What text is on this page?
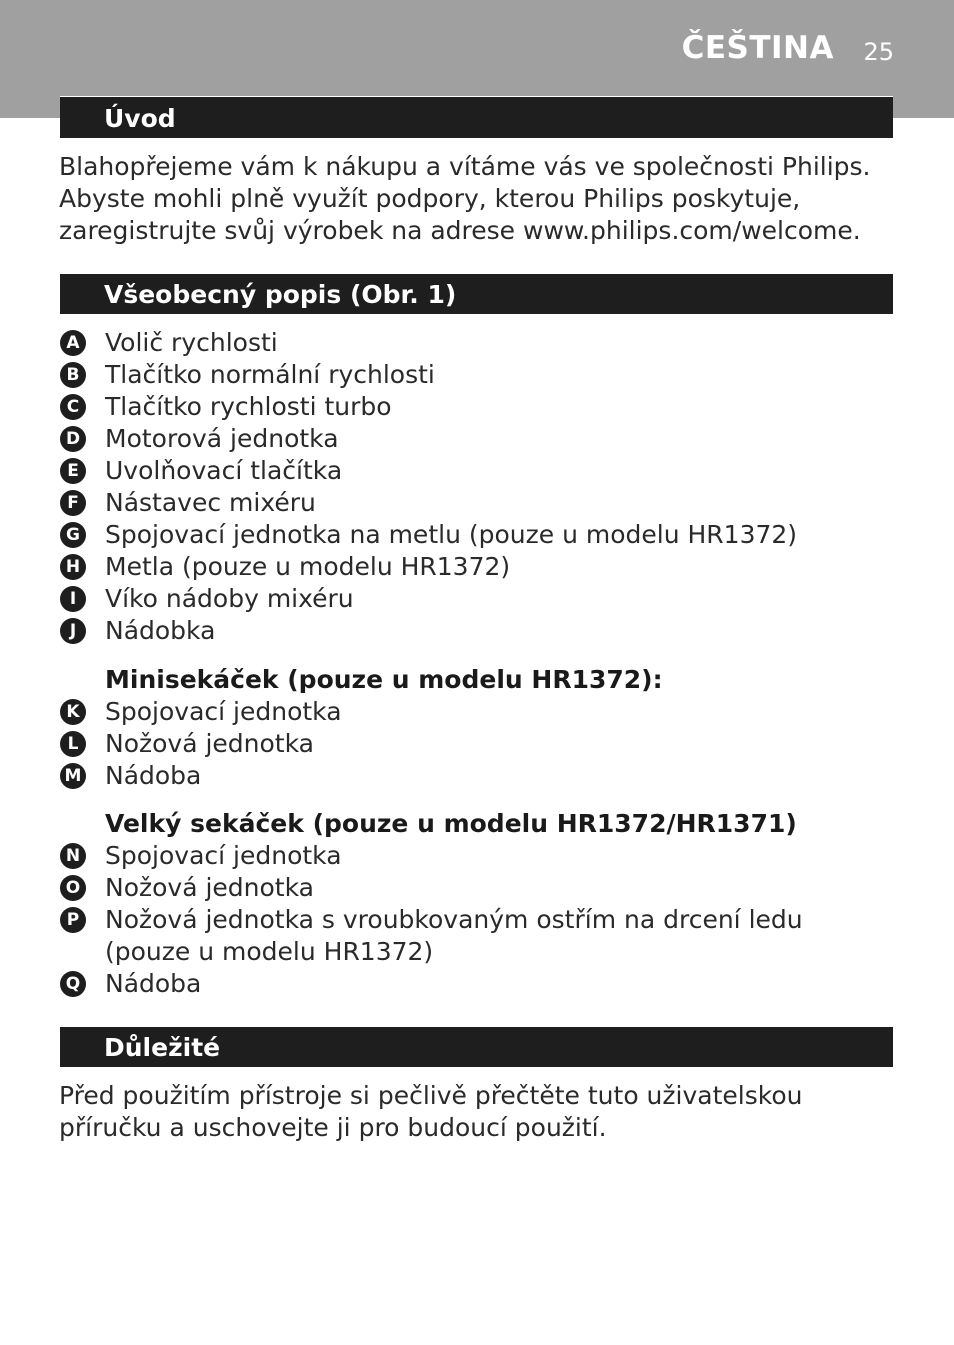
ČEŠTINA 25
Úvod

Blahopřejeme vám k nákupu a vítáme vás ve společnosti Philips. Abyste mohli plně využít podpory, kterou Philips poskytuje, zaregistrujte svůj výrobek na adrese www.philips.com/welcome.

Všeobecný popis (Obr. 1)
A Volič rychlosti
B Tlačítko normální rychlosti
C Tlačítko rychlosti turbo
D Motorová jednotka
E Uvolňovací tlačítka
F Nástavec mixéru
G Spojovací jednotka na metlu (pouze u modelu HR1372)
H Metla (pouze u modelu HR1372)
I	Víko nádoby mixéru
J	Nádobka

Minisekáček (pouze u modelu HR1372):

K Spojovací jednotka
L	Nožová jednotka
M Nádoba

Velký sekáček (pouze u modelu HR1372/HR1371)

N Spojovací jednotka
O Nožová jednotka
P Nožová jednotka s vroubkovaným ostřím na drcení ledu (pouze u modelu HR1372)
Q Nádoba
Důležité

Před použitím přístroje si pečlivě přečtěte tuto uživatelskou příručku a uschovejte ji pro budoucí použití.
